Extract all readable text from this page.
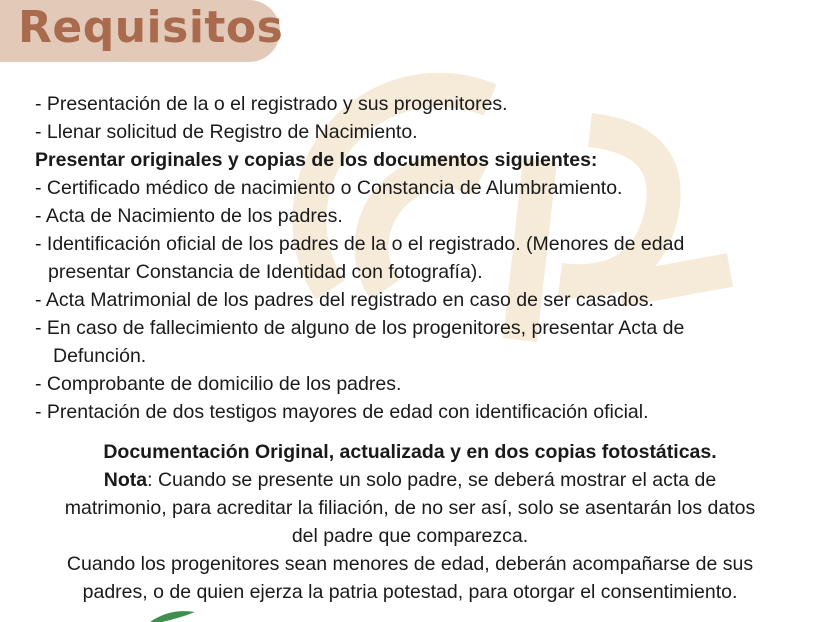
Requisitos
- Presentación de la o el registrado y sus progenitores.
- Llenar solicitud de Registro de Nacimiento.
Presentar originales y copias de los documentos siguientes:
- Certificado médico de nacimiento o Constancia de Alumbramiento.
- Acta de Nacimiento de los padres.
- Identificación oficial de los padres de la o el registrado. (Menores de edad
presentar Constancia de Identidad con fotografía).
- Acta Matrimonial de los padres del registrado en caso de ser casados.
- En caso de fallecimiento de alguno de los progenitores, presentar Acta de
Defunción.
- Comprobante de domicilio de los padres.
- Prentación de dos testigos mayores de edad con identificación oficial.
Documentación Original, actualizada y en dos copias fotostáticas.
Nota: Cuando se presente un solo padre, se deberá mostrar el acta de
matrimonio, para acreditar la filiación, de no ser así, solo se asentarán los datos
del padre que comparezca.
Cuando los progenitores sean menores de edad, deberán acompañarse de sus
padres, o de quien ejerza la patria potestad, para otorgar el consentimiento.
